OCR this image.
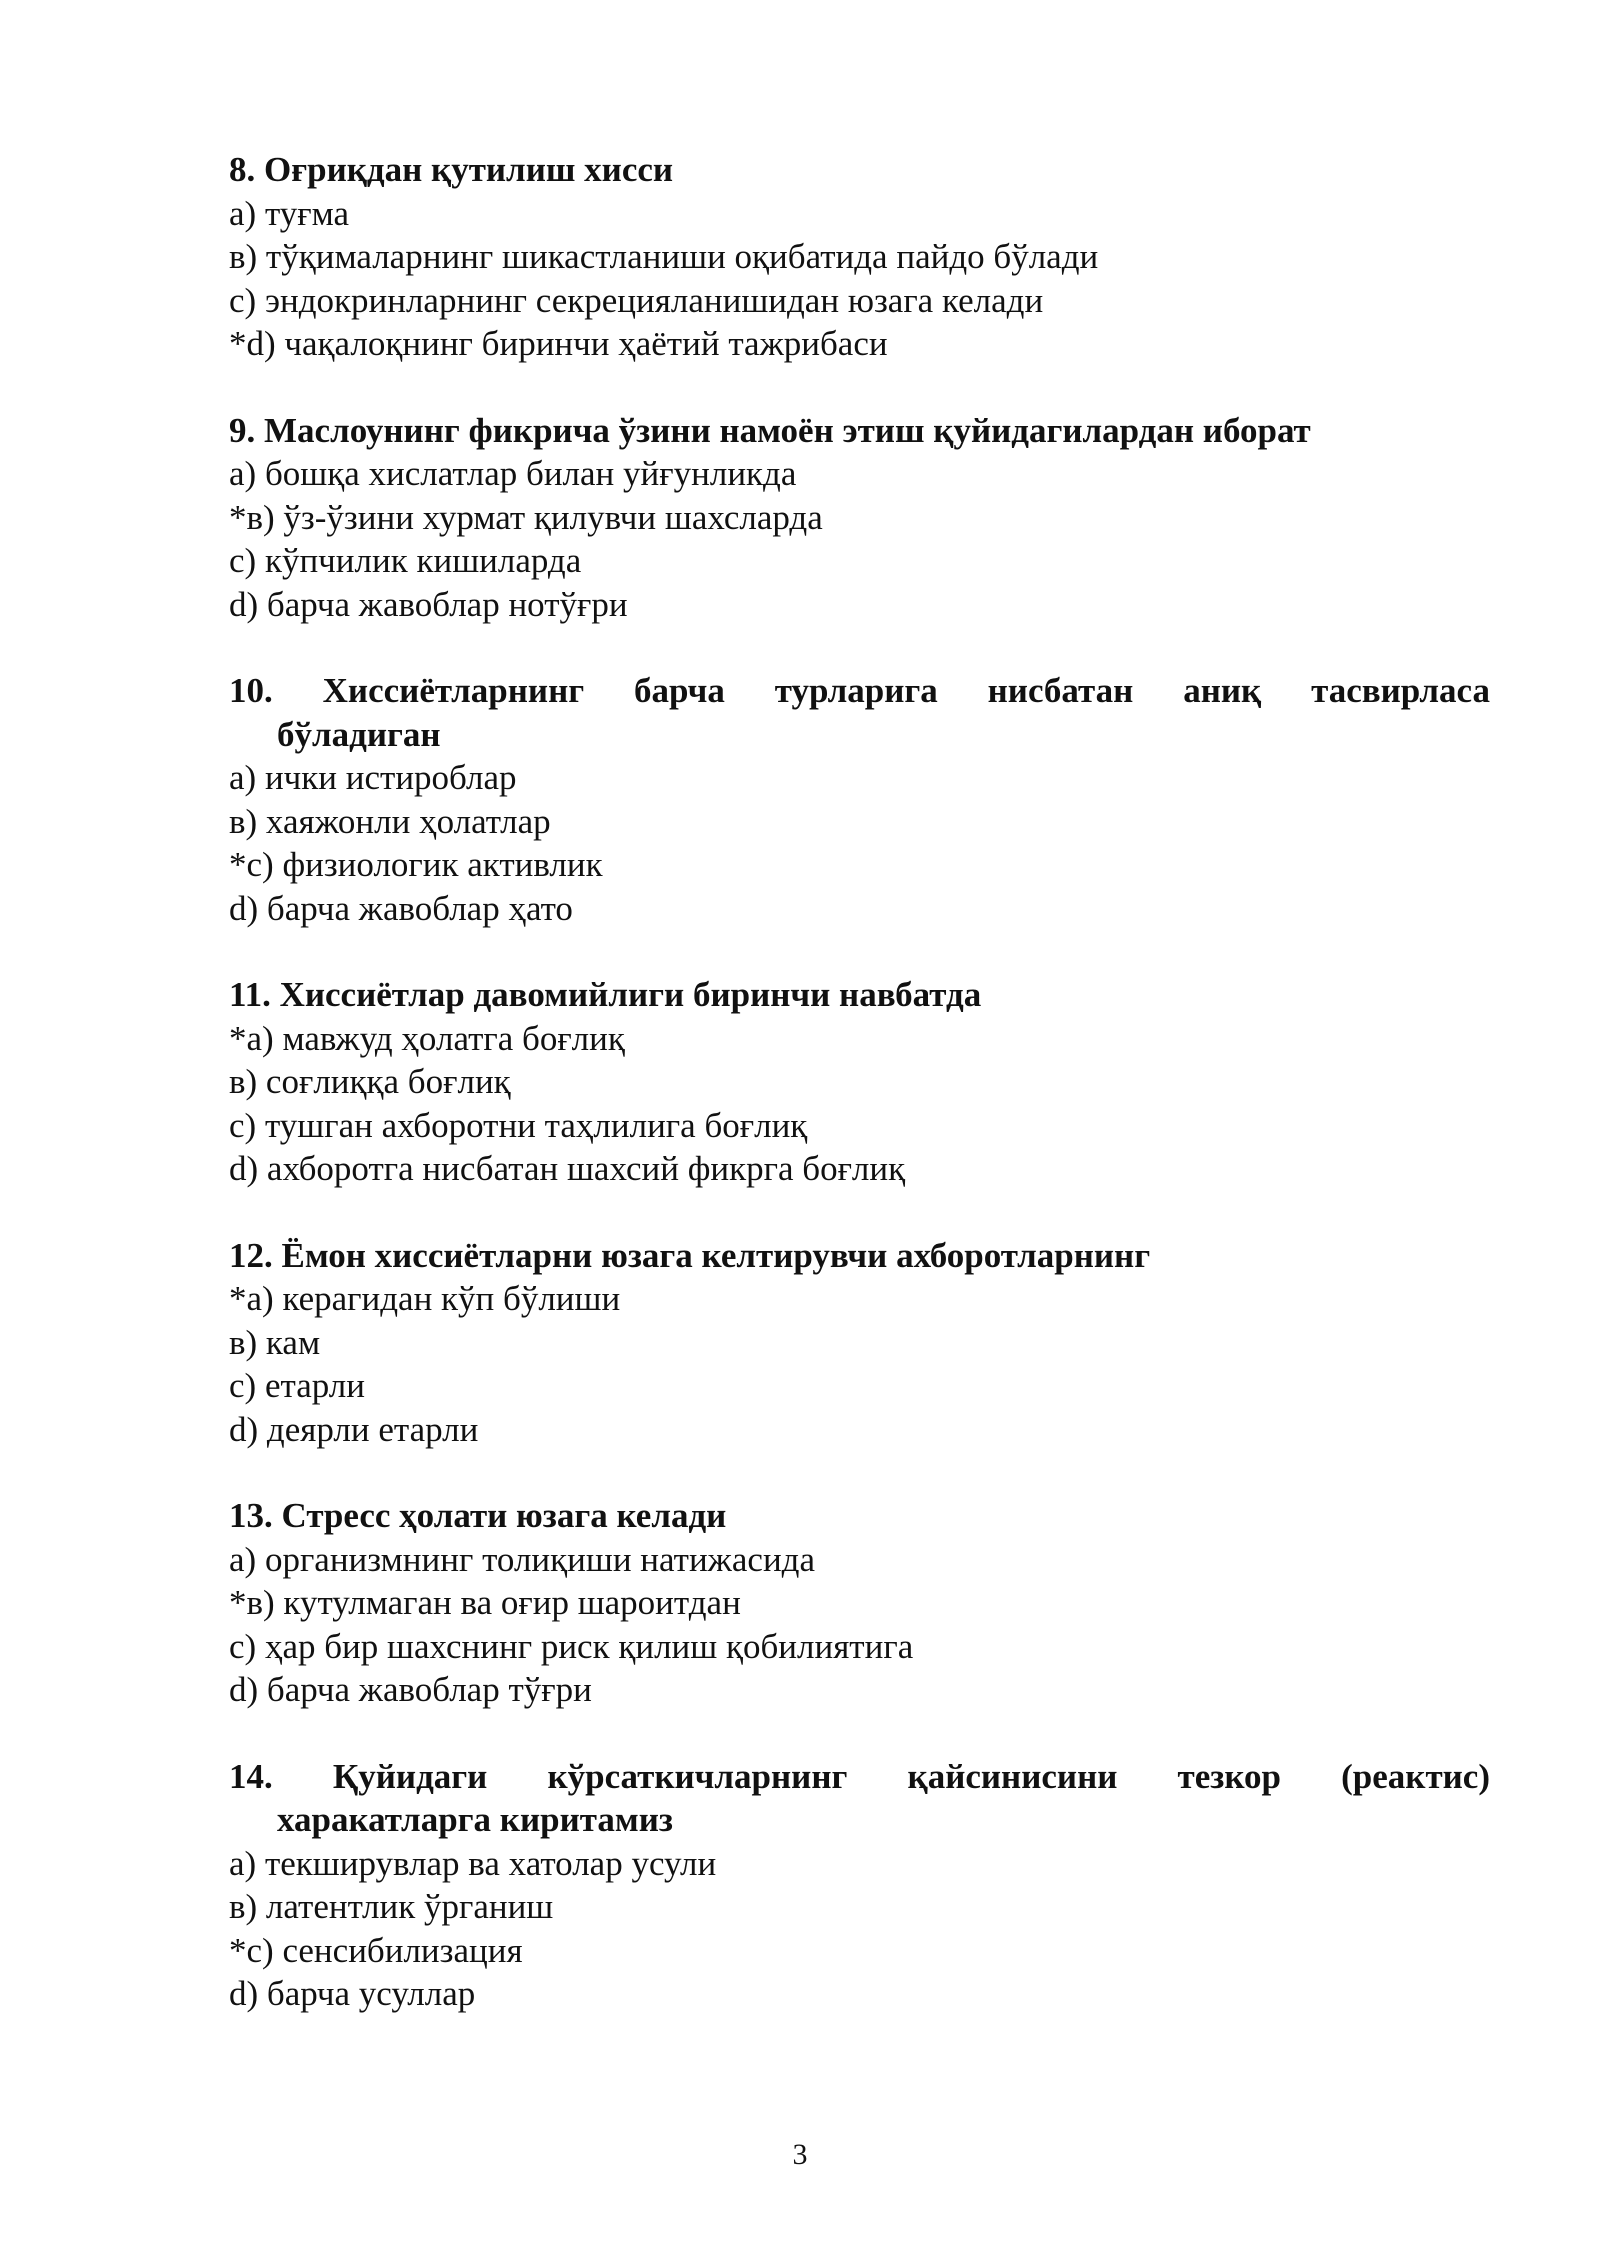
8. Оғриқдан қутилиш хисси

а) туғма

в) тўқималарнинг шикастланиши оқибатида пайдо бўлади

с) эндокринларнинг секрецияланишидан юзага келади

*d) чақалоқнинг биринчи ҳаётий тажрибаси

9. Маслоунинг фикрича ўзини намоён этиш қуйидагилардан иборат

а) бошқа хислатлар билан уйғунликда

*в) ўз-ўзини хурмат қилувчи шахсларда

с) кўпчилик кишиларда

d) барча жавоблар нотўғри

10. Хиссиётларнинг барча турларига нисбатан аниқ тасвирласа
бўладиган

а) ички истироблар

в) хаяжонли ҳолатлар

*с) физиологик активлик

d) барча жавоблар ҳато

11. Хиссиётлар давомийлиги биринчи навбатда

*а) мавжуд ҳолатга боғлиқ

в) соғлиққа боғлиқ

с) тушган ахборотни таҳлилига боғлиқ

d) ахборотга нисбатан шахсий фикрга боғлиқ

12. Ёмон хиссиётларни юзага келтирувчи ахборотларнинг

*а) керагидан кўп бўлиши

в) кам

с) етарли

d) деярли етарли

13. Стресс ҳолати юзага келади

а) организмнинг толиқиши натижасида

*в) кутулмаган ва оғир шароитдан

с) ҳар бир шахснинг риск қилиш қобилиятига

d) барча жавоблар тўғри

14. Қуйидаги кўрсаткичларнинг қайсинисини тезкор (реактис)
харакатларга киритамиз

а) текширувлар ва хатолар усули

в) латентлик ўрганиш

*с) сенсибилизация

d) барча усуллар

3
